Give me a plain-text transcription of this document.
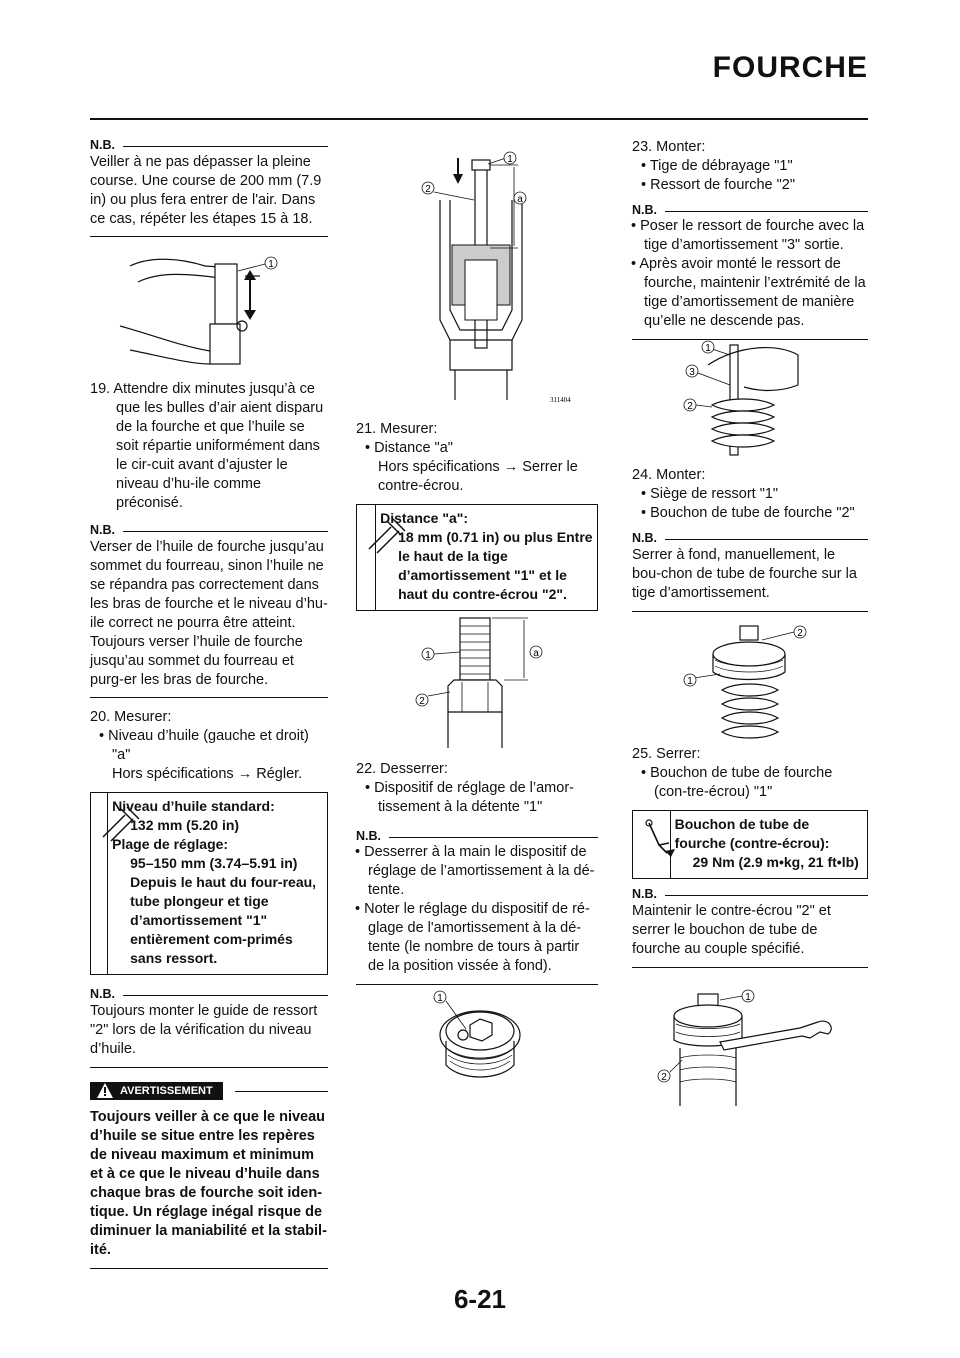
FOURCHE
N.B.
Veiller à ne pas dépasser la pleine course. Une course de 200 mm (7.9 in) ou plus fera entrer de l'air. Dans ce cas, répéter les étapes 15 à 18.
1
19. Attendre dix minutes jusqu’à ce que les bulles d’air aient disparu de la fourche et que l’huile se soit répartie uniformément dans le cir-cuit avant d’ajuster le niveau d’hu-ile comme préconisé.
N.B.
Verser de l’huile de fourche jusqu’au sommet du fourreau, sinon l’huile ne se répandra pas correctement dans les bras de fourche et le niveau d’hu-ile correct ne pourra être atteint. Toujours verser l’huile de fourche jusqu’au sommet du fourreau et purg-er les bras de fourche.
20. Mesurer:
• Niveau d’huile (gauche et droit) "a"
Hors spécifications → Régler.
Niveau d’huile standard:
132 mm (5.20 in)
Plage de réglage:
95–150 mm (3.74–5.91 in)
Depuis le haut du four-reau, tube plongeur et tige d’amortissement "1" entièrement com-primés sans ressort.
N.B.
Toujours monter le guide de ressort "2" lors de la vérification du niveau d’huile.
AVERTISSEMENT
Toujours veiller à ce que le niveau d’huile se situe entre les repères de niveau maximum et minimum et à ce que le niveau d’huile dans chaque bras de fourche soit iden-tique. Un réglage inégal risque de diminuer la maniabilité et la stabil-ité.
1
2
a
311404
21. Mesurer:
• Distance "a"
Hors spécifications → Serrer le contre-écrou.
Distance "a":
18 mm (0.71 in) ou plus Entre le haut de la tige d’amortissement "1" et le haut du contre-écrou "2".
a
1
2
22. Desserrer:
• Dispositif de réglage de l’amor-tissement à la détente "1"
N.B.
• Desserrer à la main le dispositif de réglage de l’amortissement à la dé-tente.
• Noter le réglage du dispositif de ré-glage de l'amortissement à la dé-tente (le nombre de tours à partir de la position vissée à fond).
1
23. Monter:
• Tige de débrayage "1"
• Ressort de fourche "2"
N.B.
• Poser le ressort de fourche avec la tige d’amortissement "3" sortie.
• Après avoir monté le ressort de fourche, maintenir l’extrémité de la tige d’amortissement de manière qu’elle ne descende pas.
1
3
2
24. Monter:
• Siège de ressort "1"
• Bouchon de tube de fourche "2"
N.B.
Serrer à fond, manuellement, le bou-chon de tube de fourche sur la tige d’amortissement.
2
1
25. Serrer:
• Bouchon de tube de fourche (con-tre-écrou) "1"
Bouchon de tube de fourche (contre-écrou):
29 Nm (2.9 m•kg, 21 ft•lb)
N.B.
Maintenir le contre-écrou "2" et serrer le bouchon de tube de fourche au couple spécifié.
1
2
6-21
